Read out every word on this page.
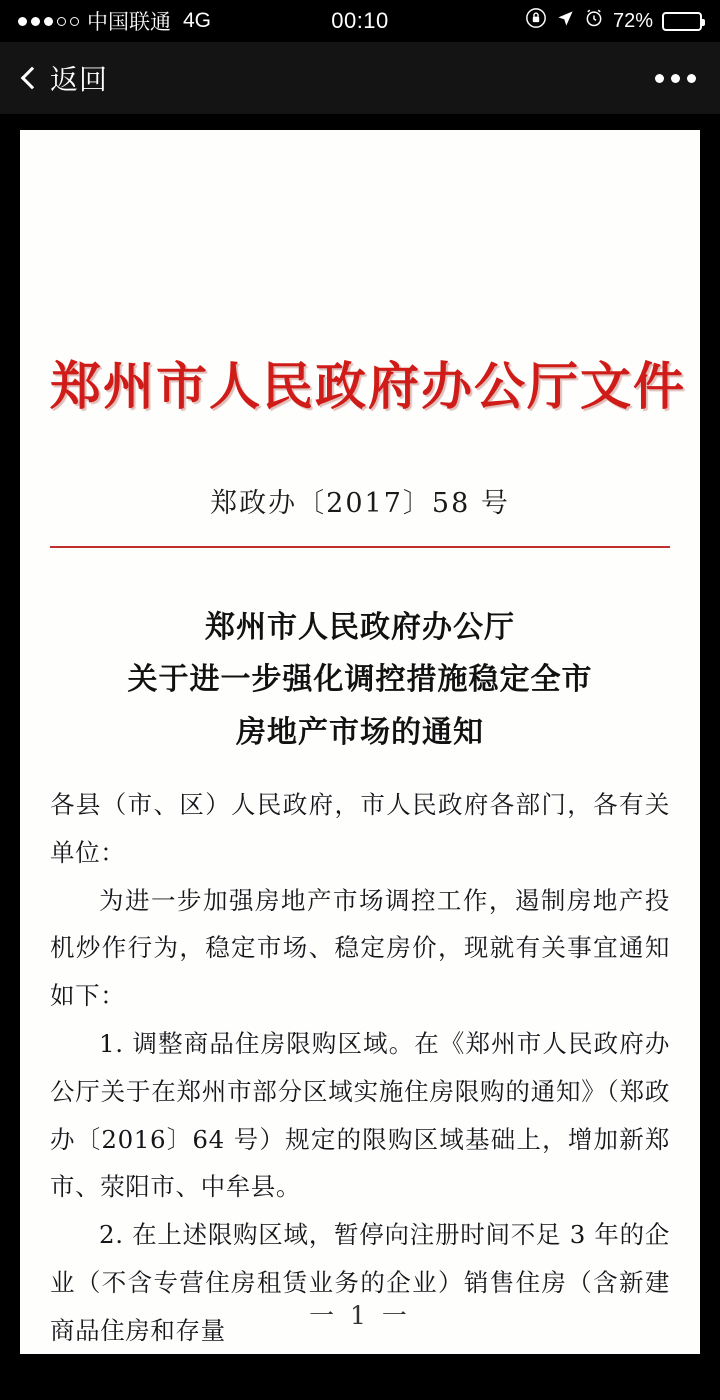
中国联通 4G	00:10	72%
返回
郑州市人民政府办公厅文件
郑政办〔2017〕58 号
郑州市人民政府办公厅
关于进一步强化调控措施稳定全市
房地产市场的通知

各县（市、区）人民政府，市人民政府各部门，各有关单位：

为进一步加强房地产市场调控工作，遏制房地产投机炒作行为，稳定市场、稳定房价，现就有关事宜通知如下：

1. 调整商品住房限购区域。在《郑州市人民政府办公厅关于在郑州市部分区域实施住房限购的通知》（郑政办〔2016〕64 号）规定的限购区域基础上，增加新郑市、荥阳市、中牟县。

2. 在上述限购区域，暂停向注册时间不足 3 年的企业（不含专营住房租赁业务的企业）销售住房（含新建商品住房和存量	一 1 一
